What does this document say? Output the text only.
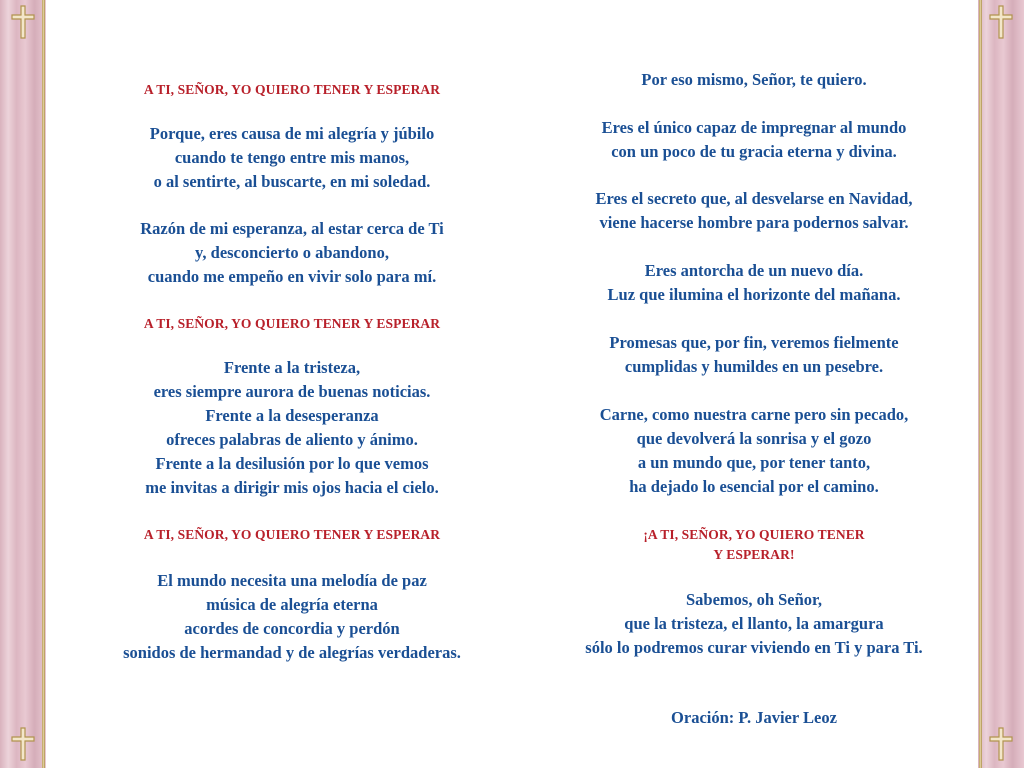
A TI, SEÑOR, YO QUIERO TENER Y ESPERAR
Porque, eres causa de mi alegría y júbilo
cuando te tengo entre mis manos,
o al sentirte, al buscarte, en mi soledad.
Razón de mi esperanza, al estar cerca de Ti
y, desconcierto o abandono,
cuando me empeño en vivir solo para mí.
A TI, SEÑOR, YO QUIERO TENER Y ESPERAR
Frente a la tristeza,
eres siempre aurora de buenas noticias.
Frente a la desesperanza
ofreces palabras de aliento y ánimo.
Frente a la desilusión por lo que vemos
me invitas a dirigir mis ojos hacia el cielo.
A TI, SEÑOR, YO QUIERO TENER Y ESPERAR
El mundo necesita una melodía de paz
música de alegría eterna
acordes de concordia y perdón
sonidos de hermandad y de alegrías verdaderas.
Por eso mismo, Señor, te quiero.
Eres el único capaz de impregnar al mundo
con un poco de tu gracia eterna y divina.
Eres el secreto que, al desvelarse en Navidad,
viene hacerse hombre para podernos salvar.
Eres antorcha de un nuevo día.
Luz que ilumina el horizonte del mañana.
Promesas que, por fin, veremos fielmente
cumplidas y humildes en un pesebre.
Carne, como nuestra carne pero sin pecado,
que devolverá la sonrisa y el gozo
a un mundo que, por tener tanto,
ha dejado lo esencial por el camino.
¡A TI, SEÑOR, YO QUIERO TENER
Y ESPERAR!
Sabemos, oh Señor,
que la tristeza, el llanto, la amargura
sólo lo podremos curar viviendo en Ti y para Ti.
Oración: P. Javier Leoz
